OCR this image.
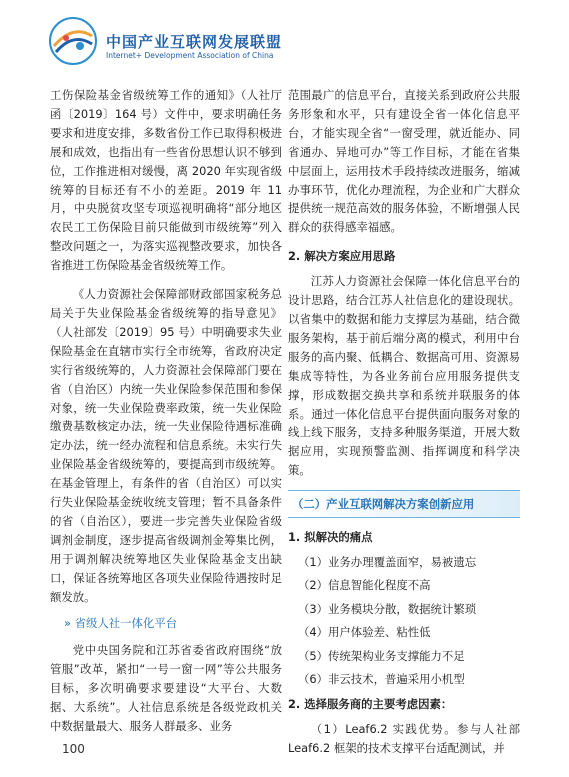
中国产业互联网发展联盟
Internet+ Development Association of China

工伤保险基金省级统筹工作的通知》（人社厅函〔2019〕164 号）文件中，要求明确任务要求和进度安排，多数省份工作已取得积极进展和成效，也指出有一些省份思想认识不够到位，工作推进相对缓慢，离 2020 年实现省级统筹的目标还有不小的差距。2019 年 11 月，中央脱贫攻坚专项巡视明确将“部分地区农民工工伤保险目前只能做到市级统筹”列入整改问题之一，为落实巡视整改要求，加快各省推进工伤保险基金省级统筹工作。

《人力资源社会保障部财政部国家税务总局关于失业保险基金省级统筹的指导意见》（人社部发〔2019〕95 号）中明确要求失业保险基金在直辖市实行全市统筹，省政府决定实行省级统筹的，人力资源社会保障部门要在省（自治区）内统一失业保险参保范围和参保对象，统一失业保险费率政策，统一失业保险缴费基数核定办法，统一失业保险待遇标准确定办法，统一经办流程和信息系统。未实行失业保险基金省级统筹的，要提高到市级统筹。在基金管理上，有条件的省（自治区）可以实行失业保险基金统收统支管理；暂不具备条件的省（自治区），要进一步完善失业保险省级调剂金制度，逐步提高省级调剂金筹集比例，用于调剂解决统筹地区失业保险基金支出缺口，保证各统筹地区各项失业保险待遇按时足额发放。

» 省级人社一体化平台

党中央国务院和江苏省委省政府围绕“放管服”改革，紧扣“一号一窗一网”等公共服务目标，多次明确要求要建设“大平台、大数据、大系统”。人社信息系统是各级党政机关中数据量最大、服务人群最多、业务

范围最广的信息平台，直接关系到政府公共服务形象和水平，只有建设全省一体化信息平台，才能实现全省“一窗受理，就近能办、同省通办、异地可办”等工作目标，才能在省集中层面上，运用技术手段持续改进服务，缩减办事环节，优化办理流程，为企业和广大群众提供统一规范高效的服务体验，不断增强人民群众的获得感幸福感。

2. 解决方案应用思路

江苏人力资源社会保障一体化信息平台的设计思路，结合江苏人社信息化的建设现状。以省集中的数据和能力支撑层为基础，结合微服务架构，基于前后端分离的模式，利用中台服务的高内聚、低耦合、数据高可用、资源易集成等特性，为各业务前台应用服务提供支撑，形成数据交换共享和系统并联服务的体系。通过一体化信息平台提供面向服务对象的线上线下服务，支持多种服务渠道，开展大数据应用，实现预警监测、指挥调度和科学决策。

（二）产业互联网解决方案创新应用
1. 拟解决的痛点
（1）业务办理覆盖面窄，易被遗忘
（2）信息智能化程度不高
（3）业务模块分散，数据统计繁琐
（4）用户体验差、粘性低
（5）传统架构业务支撑能力不足
（6）非云技术，普遍采用小机型
2. 选择服务商的主要考虑因素：

（1）Leaf6.2 实践优势。参与人社部 Leaf6.2 框架的技术支撑平台适配测试，并

100
